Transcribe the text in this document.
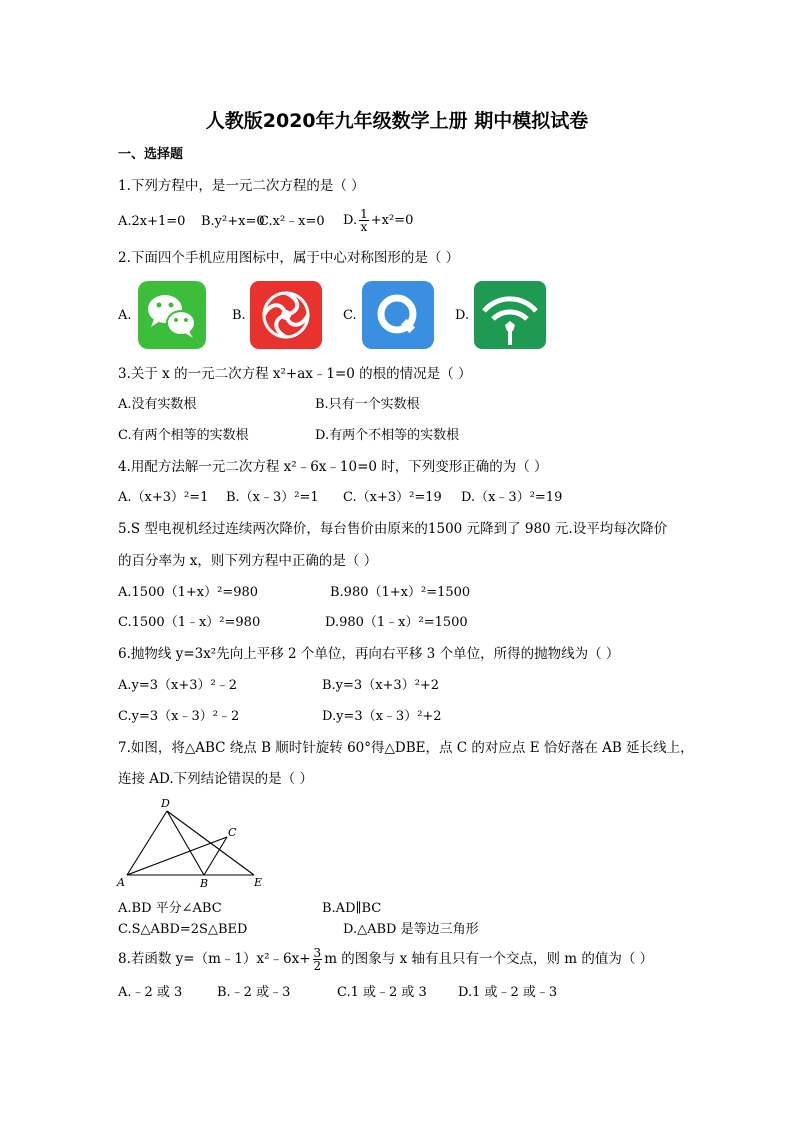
人教版2020年九年级数学上册 期中模拟试卷
一、选择题
1.下列方程中，是一元二次方程的是（ ）
A.2x+1=0 B.y²+x=0
C.x²﹣x=0 D. $\frac{1}{x} +x^2=0$
2.下面四个手机应用图标中，属于中心对称图形的是（ ）
A.	B.	C.	D.
3.关于 x 的一元二次方程 x²+ax﹣1=0 的根的情况是（ ）
A.没有实数根	B.只有一个实数根
C.有两个相等的实数根	D.有两个不相等的实数根
4.用配方法解一元二次方程 x²﹣6x﹣10=0 时，下列变形正确的为（ ）
A.（x+3）²=1 B.（x﹣3）²=1 C.（x+3）²=19 D.（x﹣3）²=19
5.S 型电视机经过连续两次降价，每台售价由原来的1500 元降到了 980 元.设平均每次降价
的百分率为 x，则下列方程中正确的是（ ）
A.1500（1+x）²=980	B.980（1+x）²=1500
C.1500（1﹣x）²=980	D.980（1﹣x）²=1500
6.抛物线 y=3x²先向上平移 2 个单位，再向右平移 3 个单位，所得的抛物线为（ ）
A.y=3（x+3）²﹣2	B.y=3（x+3）²+2
C.y=3（x﹣3）²﹣2	D.y=3（x﹣3）²+2
7.如图，将△ABC 绕点 B 顺时针旋转 60°得△DBE，点 C 的对应点 E 恰好落在 AB 延长线上，
连接 AD.下列结论错误的是（ ）
D
C
A	B	E
A.BD 平分∠ABC	B.AD∥BC
C.S△ABD=2S△BED	D.△ABD 是等边三角形
8.若函数 y=（m﹣1）x²﹣6x+ $\frac{3}{2}$ m 的图象与 x 轴有且只有一个交点，则 m 的值为（ ）
A.﹣2 或 3	B.﹣2 或﹣3	C.1 或﹣2 或 3 D.1 或﹣2 或﹣3
